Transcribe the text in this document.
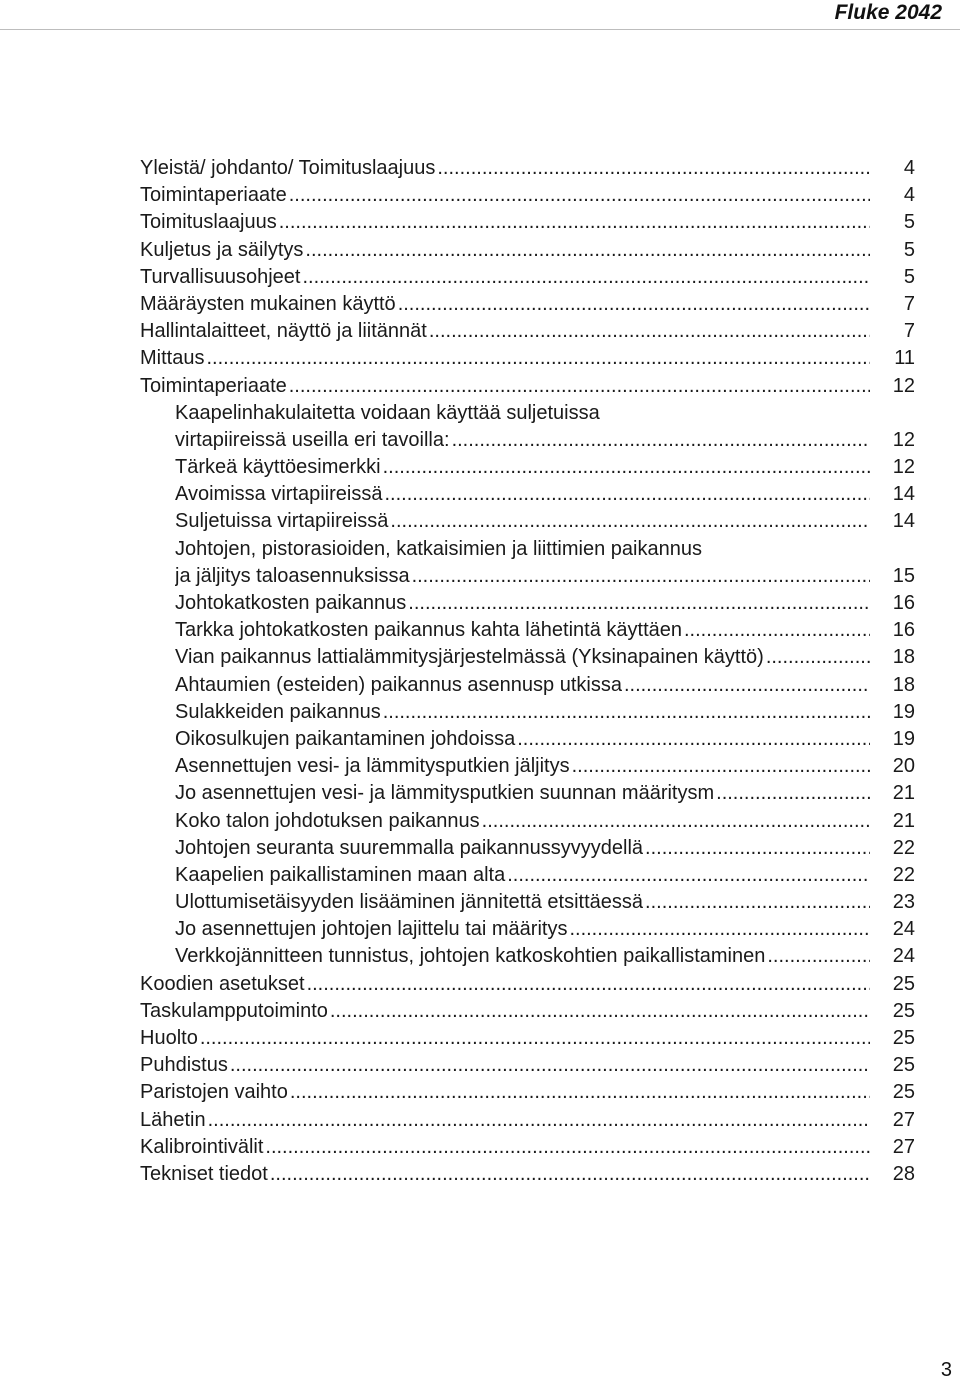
Fluke 2042
Yleistä/ johdanto/ Toimituslaajuus .....	4
Toimintaperiaate .....	4
Toimituslaajuus .....	5
Kuljetus ja säilytys .....	5
Turvallisuusohjeet .....	5
Määräysten mukainen käyttö .....	7
Hallintalaitteet, näyttö ja liitännät .....	7
Mittaus .....	11
Toimintaperiaate .....	12
Kaapelinhakulaitetta voidaan käyttää suljetuissa
virtapiireissä useilla eri tavoilla: .....	12
Tärkeä käyttöesimerkki .....	12
Avoimissa virtapiireissä .....	14
Suljetuissa virtapiireissä .....	14
Johtojen, pistorasioiden, katkaisimien ja liittimien paikannus
ja jäljitys taloasennuksissa .....	15
Johtokatkosten paikannus .....	16
Tarkka johtokatkosten paikannus kahta lähetintä käyttäen .....	16
Vian paikannus lattialämmitysjärjestelmässä (Yksinapainen käyttö) .....	18
Ahtaumien (esteiden) paikannus asennusp utkissa .....	18
Sulakkeiden paikannus .....	19
Oikosulkujen paikantaminen johdoissa .....	19
Asennettujen vesi- ja lämmitysputkien jäljitys .....	20
Jo asennettujen vesi- ja lämmitysputkien suunnan määritysm .....	21
Koko talon johdotuksen paikannus .....	21
Johtojen seuranta suuremmalla paikannussyvyydellä .....	22
Kaapelien paikallistaminen maan alta .....	22
Ulottumisetäisyyden lisääminen jännitettä etsittäessä .....	23
Jo asennettujen johtojen lajittelu tai määritys .....	24
Verkkojännitteen tunnistus, johtojen katkoskohtien paikallistaminen .....	24
Koodien asetukset .....	25
Taskulampputoiminto .....	25
Huolto .....	25
Puhdistus .....	25
Paristojen vaihto .....	25
Lähetin .....	27
Kalibrointivälit .....	27
Tekniset tiedot .....	28
3
